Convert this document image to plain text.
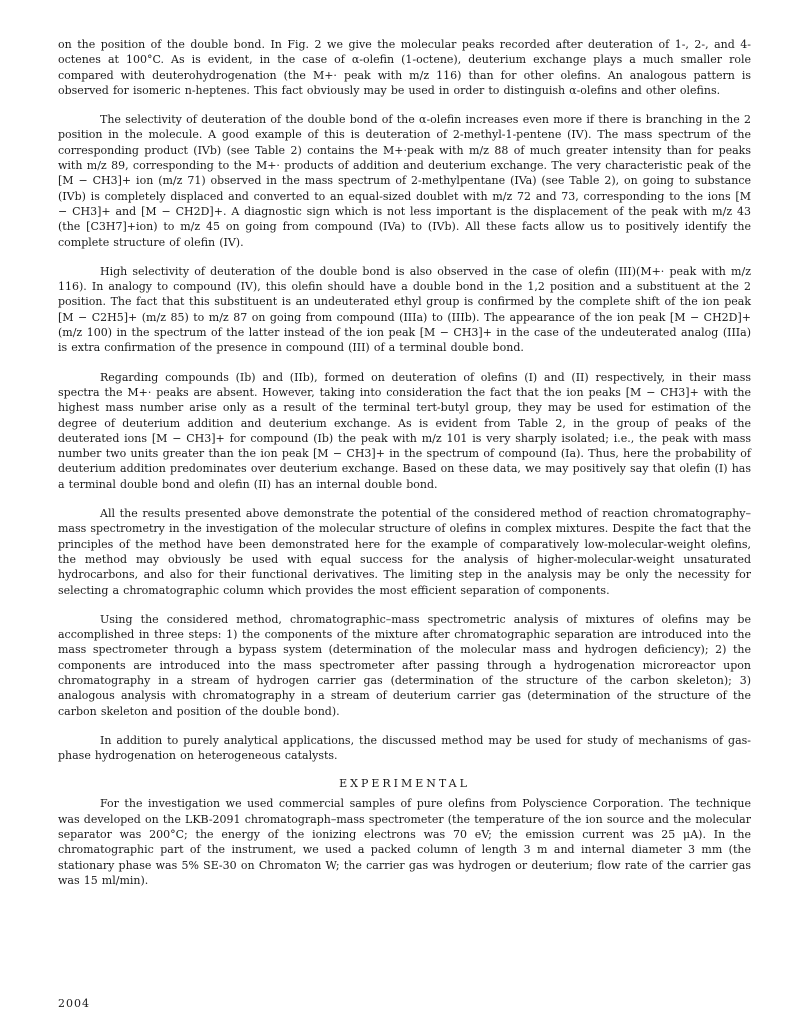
on the position of the double bond. In Fig. 2 we give the molecular peaks recorded after deuteration of 1-, 2-, and 4-octenes at 100°C. As is evident, in the case of α-olefin (1-octene), deuterium exchange plays a much smaller role compared with deuterohydrogenation (the M+· peak with m/z 116) than for other olefins. An analogous pattern is observed for isomeric n-heptenes. This fact obviously may be used in order to distinguish α-olefins and other olefins.

The selectivity of deuteration of the double bond of the α-olefin increases even more if there is branching in the 2 position in the molecule. A good example of this is deuteration of 2-methyl-1-pentene (IV). The mass spectrum of the corresponding product (IVb) (see Table 2) contains the M+·peak with m/z 88 of much greater intensity than for peaks with m/z 89, corresponding to the M+· products of addition and deuterium exchange. The very characteristic peak of the [M − CH3]+ ion (m/z 71) observed in the mass spectrum of 2-methylpentane (IVa) (see Table 2), on going to substance (IVb) is completely displaced and converted to an equal-sized doublet with m/z 72 and 73, corresponding to the ions [M − CH3]+ and [M − CH2D]+. A diagnostic sign which is not less important is the displacement of the peak with m/z 43 (the [C3H7]+ion) to m/z 45 on going from compound (IVa) to (IVb). All these facts allow us to positively identify the complete structure of olefin (IV).

High selectivity of deuteration of the double bond is also observed in the case of olefin (III)(M+· peak with m/z 116). In analogy to compound (IV), this olefin should have a double bond in the 1,2 position and a substituent at the 2 position. The fact that this substituent is an undeuterated ethyl group is confirmed by the complete shift of the ion peak [M − C2H5]+ (m/z 85) to m/z 87 on going from compound (IIIa) to (IIIb). The appearance of the ion peak [M − CH2D]+ (m/z 100) in the spectrum of the latter instead of the ion peak [M − CH3]+ in the case of the undeuterated analog (IIIa) is extra confirmation of the presence in compound (III) of a terminal double bond.

Regarding compounds (Ib) and (IIb), formed on deuteration of olefins (I) and (II) respectively, in their mass spectra the M+· peaks are absent. However, taking into consideration the fact that the ion peaks [M − CH3]+ with the highest mass number arise only as a result of the terminal tert-butyl group, they may be used for estimation of the degree of deuterium addition and deuterium exchange. As is evident from Table 2, in the group of peaks of the deuterated ions [M − CH3]+ for compound (Ib) the peak with m/z 101 is very sharply isolated; i.e., the peak with mass number two units greater than the ion peak [M − CH3]+ in the spectrum of compound (Ia). Thus, here the probability of deuterium addition predominates over deuterium exchange. Based on these data, we may positively say that olefin (I) has a terminal double bond and olefin (II) has an internal double bond.

All the results presented above demonstrate the potential of the considered method of reaction chromatography–mass spectrometry in the investigation of the molecular structure of olefins in complex mixtures. Despite the fact that the principles of the method have been demonstrated here for the example of comparatively low-molecular-weight olefins, the method may obviously be used with equal success for the analysis of higher-molecular-weight unsaturated hydrocarbons, and also for their functional derivatives. The limiting step in the analysis may be only the necessity for selecting a chromatographic column which provides the most efficient separation of components.

Using the considered method, chromatographic–mass spectrometric analysis of mixtures of olefins may be accomplished in three steps: 1) the components of the mixture after chromatographic separation are introduced into the mass spectrometer through a bypass system (determination of the molecular mass and hydrogen deficiency); 2) the components are introduced into the mass spectrometer after passing through a hydrogenation microreactor upon chromatography in a stream of hydrogen carrier gas (determination of the structure of the carbon skeleton); 3) analogous analysis with chromatography in a stream of deuterium carrier gas (determination of the structure of the carbon skeleton and position of the double bond).

In addition to purely analytical applications, the discussed method may be used for study of mechanisms of gas-phase hydrogenation on heterogeneous catalysts.

EXPERIMENTAL

For the investigation we used commercial samples of pure olefins from Polyscience Corporation. The technique was developed on the LKB-2091 chromatograph–mass spectrometer (the temperature of the ion source and the molecular separator was 200°C; the energy of the ionizing electrons was 70 eV; the emission current was 25 μA). In the chromatographic part of the instrument, we used a packed column of length 3 m and internal diameter 3 mm (the stationary phase was 5% SE-30 on Chromaton W; the carrier gas was hydrogen or deuterium; flow rate of the carrier gas was 15 ml/min).

2004
